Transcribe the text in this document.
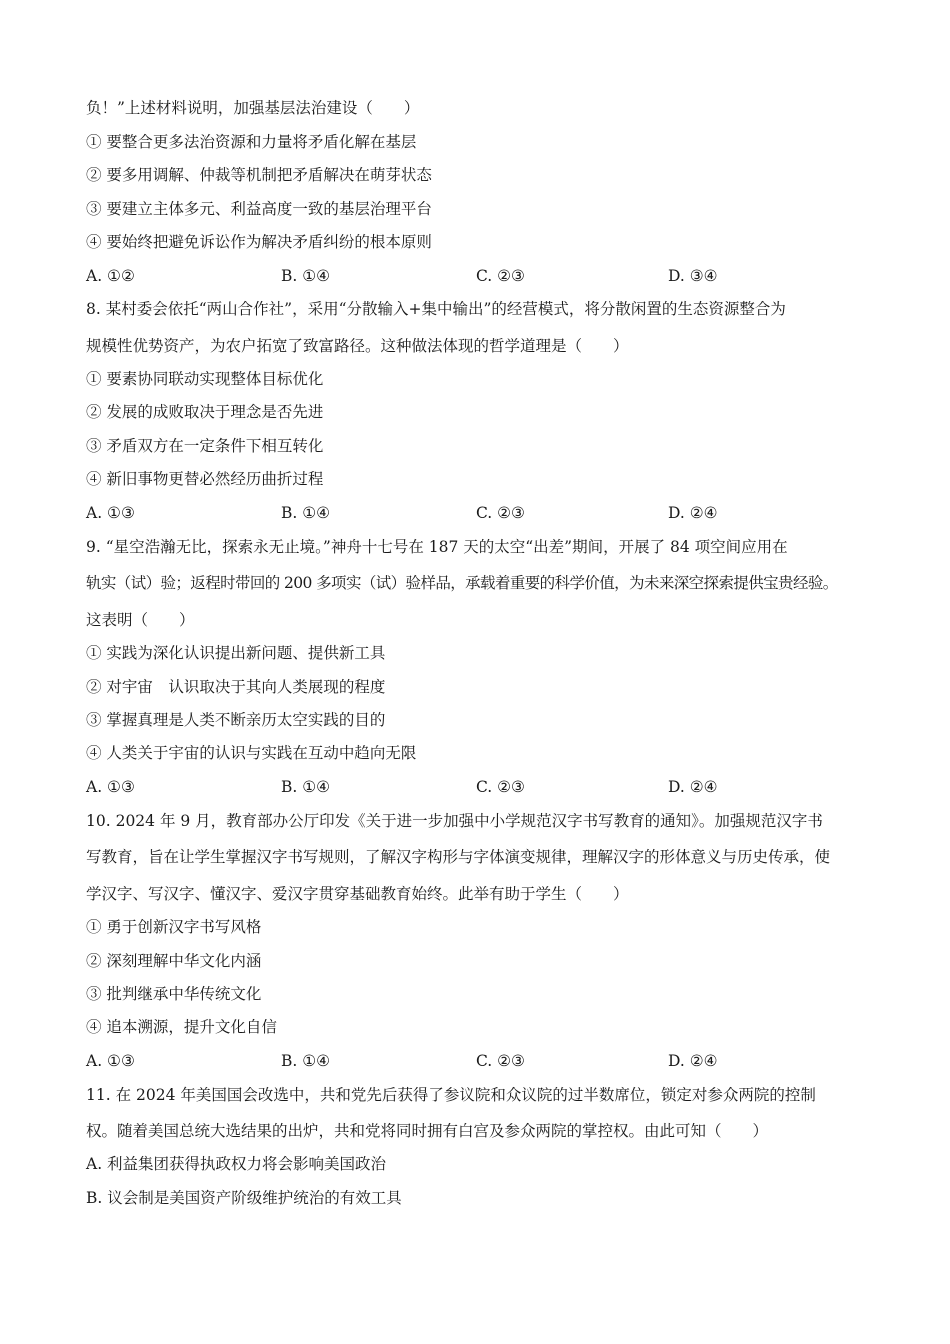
负！”上述材料说明，加强基层法治建设（　　）
① 要整合更多法治资源和力量将矛盾化解在基层
② 要多用调解、仲裁等机制把矛盾解决在萌芽状态
③ 要建立主体多元、利益高度一致的基层治理平台
④ 要始终把避免诉讼作为解决矛盾纠纷的根本原则
A. ①②	B. ①④	C. ②③	D. ③④
8. 某村委会依托“两山合作社”，采用“分散输入+集中输出”的经营模式，将分散闲置的生态资源整合为
规模性优势资产，为农户拓宽了致富路径。这种做法体现的哲学道理是（　　）
① 要素协同联动实现整体目标优化
② 发展的成败取决于理念是否先进
③ 矛盾双方在一定条件下相互转化
④ 新旧事物更替必然经历曲折过程
A. ①③	B. ①④	C. ②③	D. ②④
9. “星空浩瀚无比，探索永无止境。”神舟十七号在 187 天的太空“出差”期间，开展了 84 项空间应用在
轨实（试）验；返程时带回的 200 多项实（试）验样品，承载着重要的科学价值，为未来深空探索提供宝贵经验。
这表明（　　）
① 实践为深化认识提出新问题、提供新工具
② 对宇宙　认识取决于其向人类展现的程度
③ 掌握真理是人类不断亲历太空实践的目的
④ 人类关于宇宙的认识与实践在互动中趋向无限
A. ①③	B. ①④	C. ②③	D. ②④
10. 2024 年 9 月，教育部办公厅印发《关于进一步加强中小学规范汉字书写教育的通知》。加强规范汉字书
写教育，旨在让学生掌握汉字书写规则，了解汉字构形与字体演变规律，理解汉字的形体意义与历史传承，使
学汉字、写汉字、懂汉字、爱汉字贯穿基础教育始终。此举有助于学生（　　）
① 勇于创新汉字书写风格
② 深刻理解中华文化内涵
③ 批判继承中华传统文化
④ 追本溯源，提升文化自信
A. ①③	B. ①④	C. ②③	D. ②④
11. 在 2024 年美国国会改选中，共和党先后获得了参议院和众议院的过半数席位，锁定对参众两院的控制
权。随着美国总统大选结果的出炉，共和党将同时拥有白宫及参众两院的掌控权。由此可知（　　）
A. 利益集团获得执政权力将会影响美国政治
B. 议会制是美国资产阶级维护统治的有效工具
